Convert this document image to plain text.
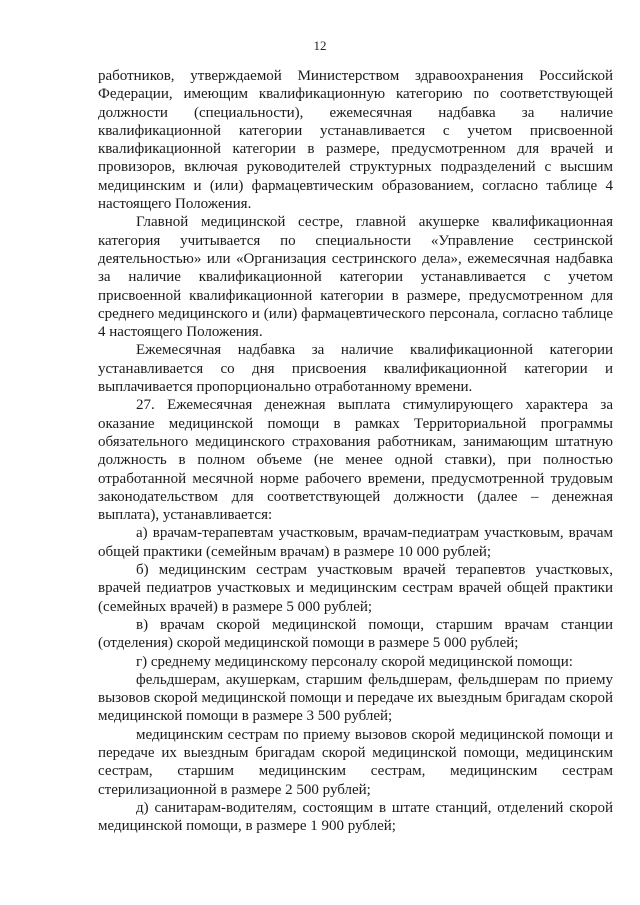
12

работников, утверждаемой Министерством здравоохранения Российской Федерации, имеющим квалификационную категорию по соответствующей должности (специальности), ежемесячная надбавка за наличие квалификационной категории устанавливается с учетом присвоенной квалификационной категории в размере, предусмотренном для врачей и провизоров, включая руководителей структурных подразделений с высшим медицинским и (или) фармацевтическим образованием, согласно таблице 4 настоящего Положения.

Главной медицинской сестре, главной акушерке квалификационная категория учитывается по специальности «Управление сестринской деятельностью» или «Организация сестринского дела», ежемесячная надбавка за наличие квалификационной категории устанавливается с учетом присвоенной квалификационной категории в размере, предусмотренном для среднего медицинского и (или) фармацевтического персонала, согласно таблице 4 настоящего Положения.

Ежемесячная надбавка за наличие квалификационной категории устанавливается со дня присвоения квалификационной категории и выплачивается пропорционально отработанному времени.

27. Ежемесячная денежная выплата стимулирующего характера за оказание медицинской помощи в рамках Территориальной программы обязательного медицинского страхования работникам, занимающим штатную должность в полном объеме (не менее одной ставки), при полностью отработанной месячной норме рабочего времени, предусмотренной трудовым законодательством для соответствующей должности (далее – денежная выплата), устанавливается:

а) врачам-терапевтам участковым, врачам-педиатрам участковым, врачам общей практики (семейным врачам) в размере 10 000 рублей;

б) медицинским сестрам участковым врачей терапевтов участковых, врачей педиатров участковых и медицинским сестрам врачей общей практики (семейных врачей) в размере 5 000 рублей;

в) врачам скорой медицинской помощи, старшим врачам станции (отделения) скорой медицинской помощи в размере 5 000 рублей;

г) среднему медицинскому персоналу скорой медицинской помощи:

фельдшерам, акушеркам, старшим фельдшерам, фельдшерам по приему вызовов скорой медицинской помощи и передаче их выездным бригадам скорой медицинской помощи в размере 3 500 рублей;

медицинским сестрам по приему вызовов скорой медицинской помощи и передаче их выездным бригадам скорой медицинской помощи, медицинским сестрам, старшим медицинским сестрам, медицинским сестрам стерилизационной в размере 2 500 рублей;

д) санитарам-водителям, состоящим в штате станций, отделений скорой медицинской помощи, в размере 1 900 рублей;
